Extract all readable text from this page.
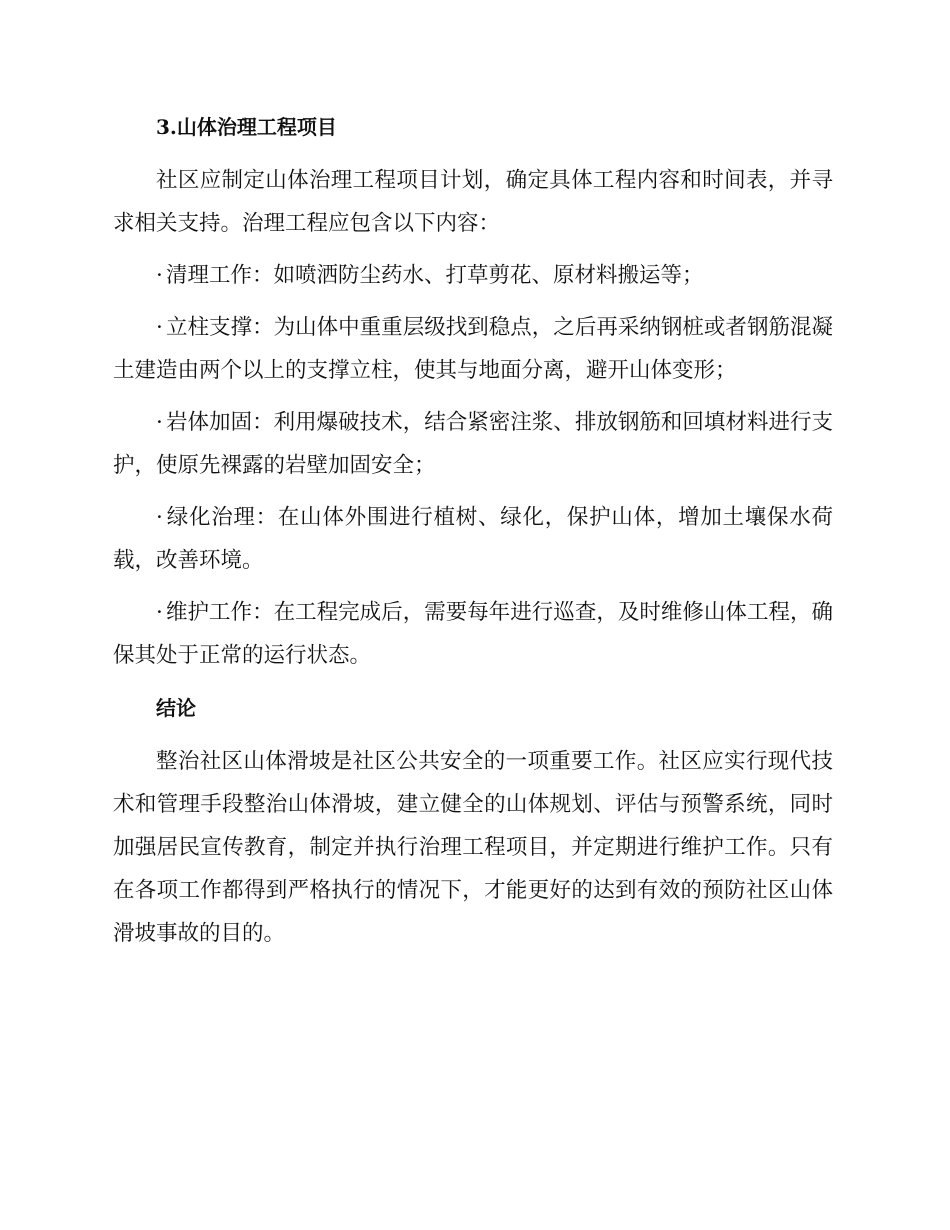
3.山体治理工程项目

社区应制定山体治理工程项目计划，确定具体工程内容和时间表，并寻求相关支持。治理工程应包含以下内容：

· 清理工作：如喷洒防尘药水、打草剪花、原材料搬运等；

· 立柱支撑：为山体中重重层级找到稳点，之后再采纳钢桩或者钢筋混凝土建造由两个以上的支撑立柱，使其与地面分离，避开山体变形；

· 岩体加固：利用爆破技术，结合紧密注浆、排放钢筋和回填材料进行支护，使原先裸露的岩壁加固安全；

· 绿化治理：在山体外围进行植树、绿化，保护山体，增加土壤保水荷载，改善环境。

· 维护工作：在工程完成后，需要每年进行巡查，及时维修山体工程，确保其处于正常的运行状态。

结论

整治社区山体滑坡是社区公共安全的一项重要工作。社区应实行现代技术和管理手段整治山体滑坡，建立健全的山体规划、评估与预警系统，同时加强居民宣传教育，制定并执行治理工程项目，并定期进行维护工作。只有在各项工作都得到严格执行的情况下，才能更好的达到有效的预防社区山体滑坡事故的目的。
